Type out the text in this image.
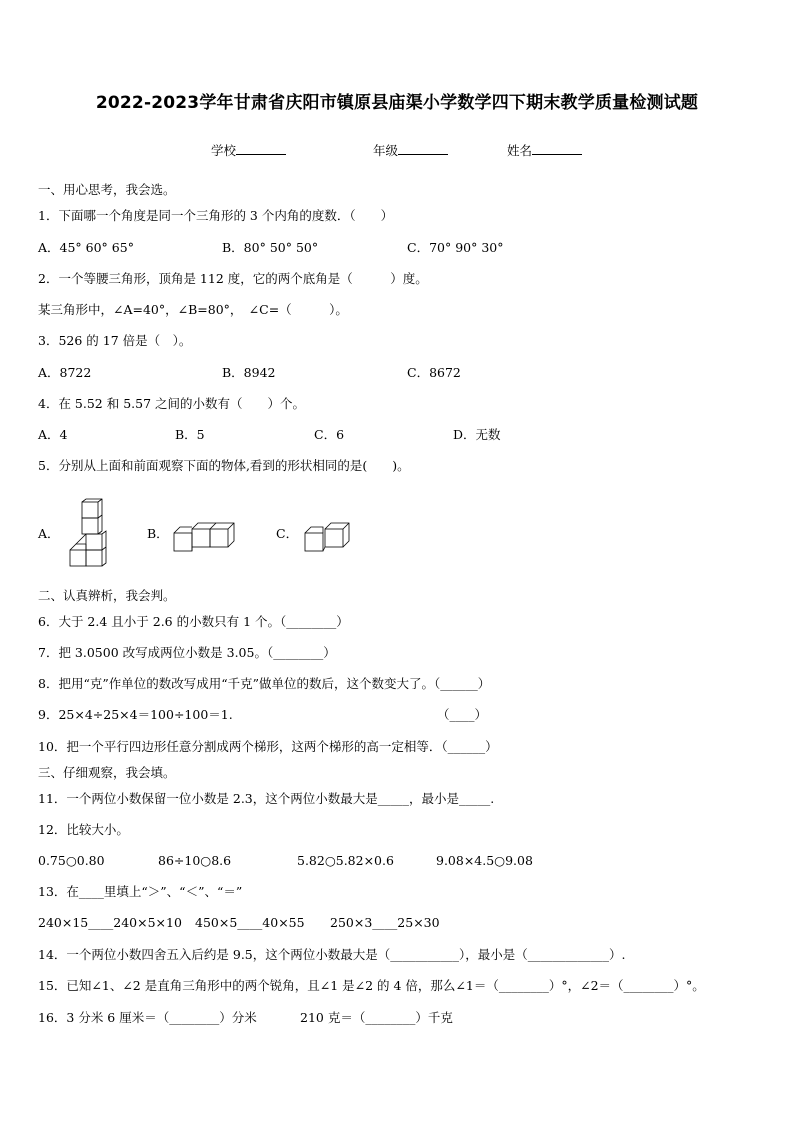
2022-2023学年甘肃省庆阳市镇原县庙渠小学数学四下期末教学质量检测试题
学校	年级	姓名
一、用心思考，我会选。
1．下面哪一个角度是同一个三角形的 3 个内角的度数．（　　）
A．45° 60° 65°	B．80° 50° 50°	C．70° 90° 30°
2．一个等腰三角形，顶角是 112 度，它的两个底角是（　　　）度。
某三角形中，∠A=40°，∠B=80°，　∠C=（　　　）。
3．526 的 17 倍是（　）。
A．8722	B．8942	C．8672
4．在 5.52 和 5.57 之间的小数有（　　）个。
A．4	B．5	C．6	D．无数
5．分别从上面和前面观察下面的物体,看到的形状相同的是(　　)。
A．	B．	C．
二、认真辨析，我会判。
6．大于 2.4 且小于 2.6 的小数只有 1 个。（________）
7．把 3.0500 改写成两位小数是 3.05。（________）
8．把用“克”作单位的数改写成用“千克”做单位的数后，这个数变大了。（______）
9．25×4÷25×4＝100÷100＝1.	（____）
10．把一个平行四边形任意分割成两个梯形，这两个梯形的高一定相等．（______）
三、仔细观察，我会填。
11．一个两位小数保留一位小数是 2.3，这个两位小数最大是_____，最小是_____.
12．比较大小。
0.75○0.80	86÷10○8.6	5.82○5.82×0.6	9.08×4.5○9.08
13．在____里填上“＞”、“＜”、“＝”
240×15____240×5×10 450×5____40×55 250×3____25×30
14．一个两位小数四舍五入后约是 9.5，这个两位小数最大是（___________），最小是（_____________）.
15．已知∠1、∠2 是直角三角形中的两个锐角，且∠1 是∠2 的 4 倍，那么∠1＝（________）°，∠2＝（________）°。
16．3 分米 6 厘米＝（________）分米	210 克＝（________）千克
